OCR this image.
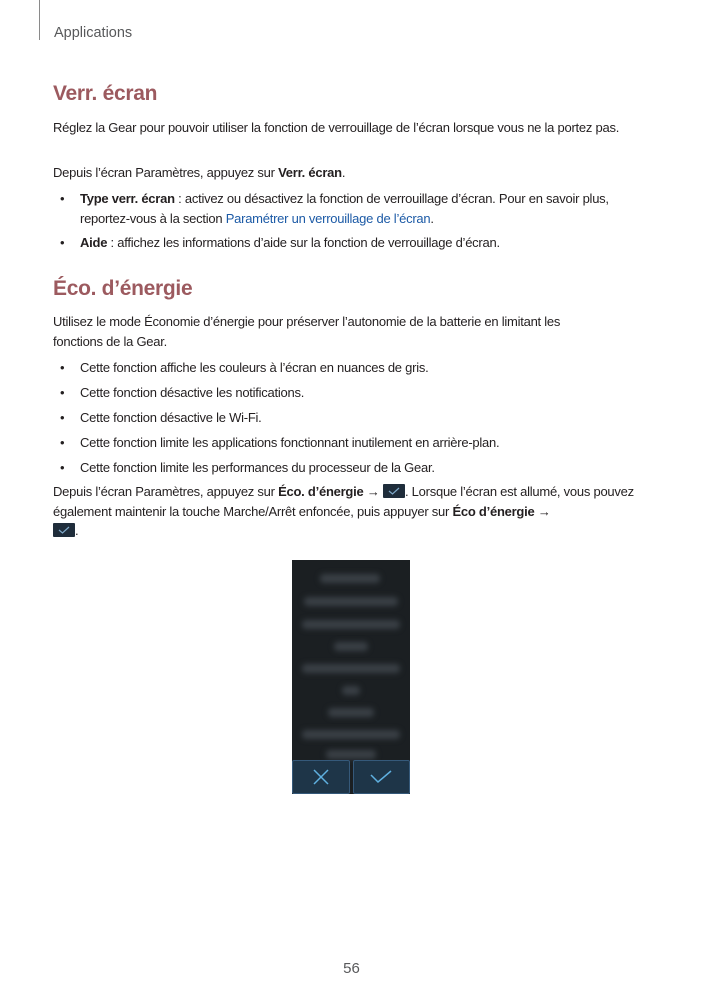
Applications
Verr. écran
Réglez la Gear pour pouvoir utiliser la fonction de verrouillage de l’écran lorsque vous ne la portez pas.
Depuis l’écran Paramètres, appuyez sur Verr. écran.
• Type verr. écran : activez ou désactivez la fonction de verrouillage d’écran. Pour en savoir plus, reportez-vous à la section Paramétrer un verrouillage de l’écran.
• Aide : affichez les informations d’aide sur la fonction de verrouillage d’écran.
Éco. d’énergie
Utilisez le mode Économie d’énergie pour préserver l’autonomie de la batterie en limitant les fonctions de la Gear.
• Cette fonction affiche les couleurs à l’écran en nuances de gris.
• Cette fonction désactive les notifications.
• Cette fonction désactive le Wi-Fi.
• Cette fonction limite les applications fonctionnant inutilement en arrière-plan.
• Cette fonction limite les performances du processeur de la Gear.
Depuis l’écran Paramètres, appuyez sur Éco. d’énergie →
. Lorsque l’écran est allumé, vous pouvez également maintenir la touche Marche/Arrêt enfoncée, puis appuyer sur Éco d’énergie →

.
56
